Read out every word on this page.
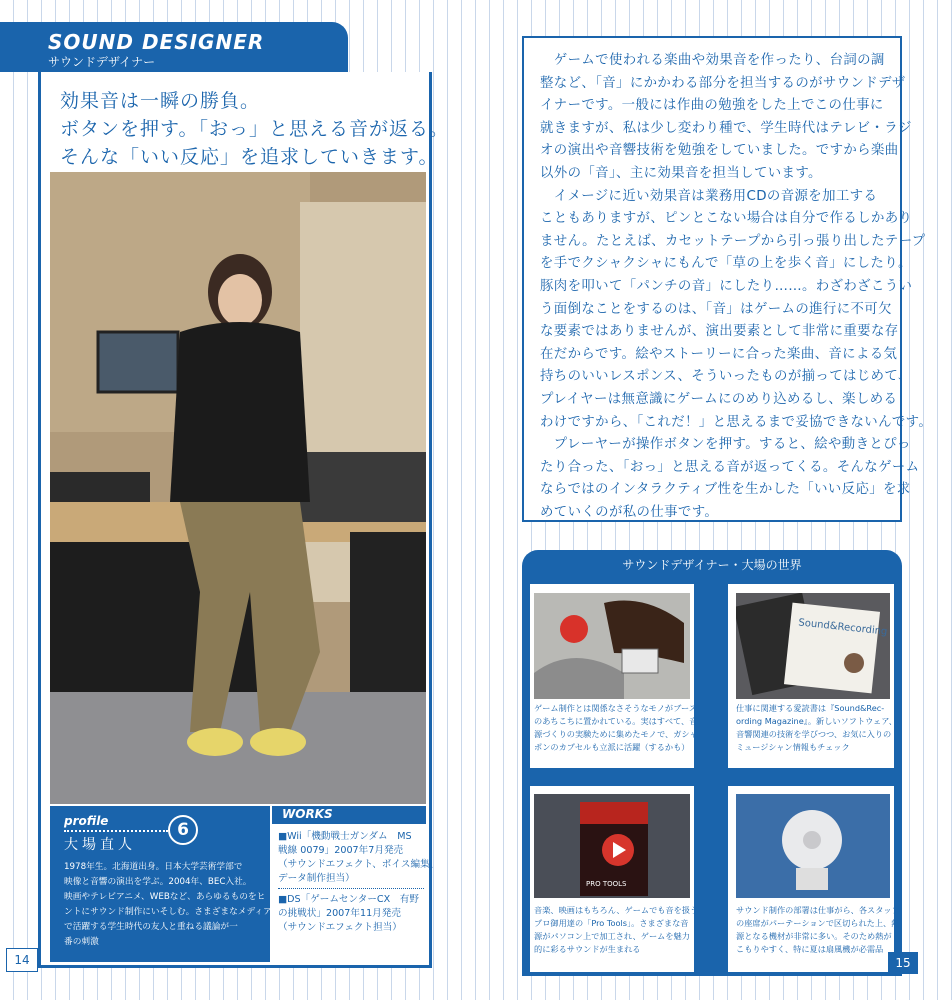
SOUND DESIGNER
サウンドデザイナー
効果音は一瞬の勝負。
ボタンを押す。「おっ」と思える音が返る。
そんな「いい反応」を追求していきます。
profile	6
大場直人
1978年生。北海道出身。日本大学芸術学部で
映像と音響の演出を学ぶ。2004年、BEC入社。
映画やテレビアニメ、WEBなど、あらゆるものをヒ
ントにサウンド制作にいそしむ。さまざまなメディア
で活躍する学生時代の友人と重ねる議論が一
番の刺激
WORKS
■Wii「機動戦士ガンダム　MS
戦線 0079」2007年7月発売
（サウンドエフェクト、ボイス編集、
データ制作担当）
■DS「ゲームセンターCX　有野
の挑戦状」2007年11月発売
（サウンドエフェクト担当）
14
　ゲームで使われる楽曲や効果音を作ったり、台詞の調
整など、「音」にかかわる部分を担当するのがサウンドデザ
イナーです。一般には作曲の勉強をした上でこの仕事に
就きますが、私は少し変わり種で、学生時代はテレビ・ラジ
オの演出や音響技術を勉強をしていました。ですから楽曲
以外の「音」、主に効果音を担当しています。
　イメージに近い効果音は業務用CDの音源を加工する
こともありますが、ピンとこない場合は自分で作るしかあり
ません。たとえば、カセットテープから引っ張り出したテープ
を手でクシャクシャにもんで「草の上を歩く音」にしたり。
豚肉を叩いて「パンチの音」にしたり……。わざわざこうい
う面倒なことをするのは、「音」はゲームの進行に不可欠
な要素ではありませんが、演出要素として非常に重要な存
在だからです。絵やストーリーに合った楽曲、音による気
持ちのいいレスポンス、そういったものが揃ってはじめて、
プレイヤーは無意識にゲームにのめり込めるし、楽しめる
わけですから、「これだ！」と思えるまで妥協できないんです。
　プレーヤーが操作ボタンを押す。すると、絵や動きとぴっ
たり合った、「おっ」と思える音が返ってくる。そんなゲーム
ならではのインタラクティブ性を生かした「いい反応」を求
めていくのが私の仕事です。
サウンドデザイナー・大場の世界
ゲーム制作とは関係なさそうなモノがブース
のあちこちに置かれている。実はすべて、音
源づくりの実験ために集めたモノで、ガシャ
ポンのカプセルも立派に活躍（するかも）
Sound&Recording
仕事に関連する愛読書は『Sound&Rec-
ording Magazine』。新しいソフトウェア、
音響関連の技術を学びつつ、お気に入りの
ミュージシャン情報もチェック
PRO TOOLS
音楽、映画はもちろん、ゲームでも音を扱う
プロ御用達の「Pro Tools」。さまざまな音
源がパソコン上で加工され、ゲームを魅力
的に彩るサウンドが生まれる
サウンド制作の部署は仕事がら、各スタッフ
の座席がパーテーションで区切られた上、熱
源となる機材が非常に多い。そのため熱が
こもりやすく、特に夏は扇風機が必需品
15
